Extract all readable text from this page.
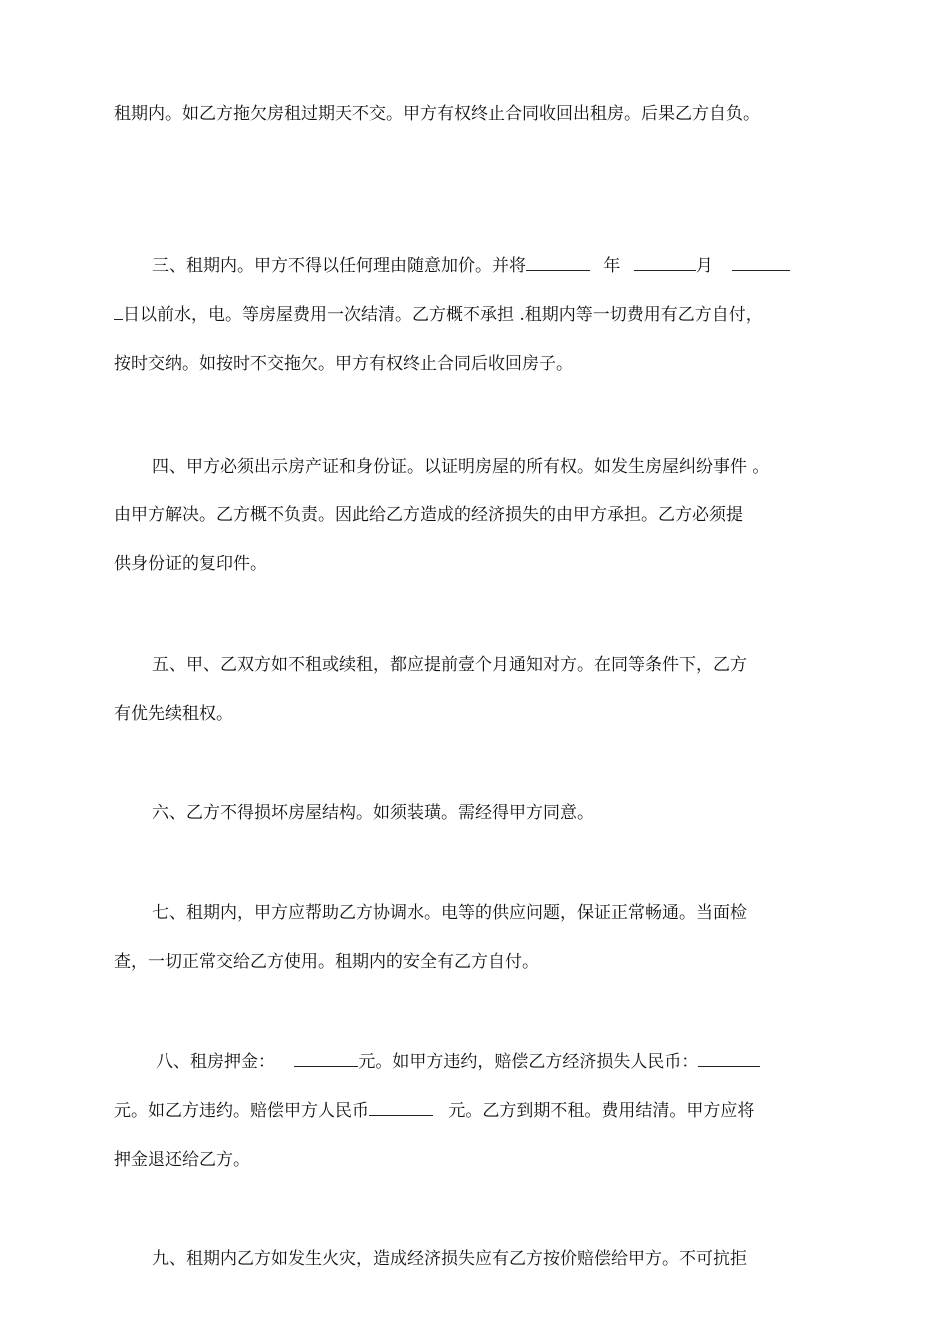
租期内。如乙方拖欠房租过期天不交。甲方有权终止合同收回出租房。后果乙方自负。
三、租期内。甲方不得以任何理由随意加价。并将	年	月
日以前水，电。等房屋费用一次结清。乙方概不承担 .租期内等一切费用有乙方自付，
按时交纳。如按时不交拖欠。甲方有权终止合同后收回房子。
四、甲方必须出示房产证和身份证。以证明房屋的所有权。如发生房屋纠纷事件 。
由甲方解决。乙方概不负责。因此给乙方造成的经济损失的由甲方承担。乙方必须提
供身份证的复印件。
五、甲、乙双方如不租或续租，都应提前壹个月通知对方。在同等条件下，乙方
有优先续租权。
六、乙方不得损坏房屋结构。如须装璜。需经得甲方同意。
七、租期内，甲方应帮助乙方协调水。电等的供应问题，保证正常畅通。当面检
查，一切正常交给乙方使用。租期内的安全有乙方自付。
八、租房押金：	元。如甲方违约，赔偿乙方经济损失人民币：
元。如乙方违约。赔偿甲方人民币	元。乙方到期不租。费用结清。甲方应将
押金退还给乙方。
九、租期内乙方如发生火灾，造成经济损失应有乙方按价赔偿给甲方。不可抗拒
